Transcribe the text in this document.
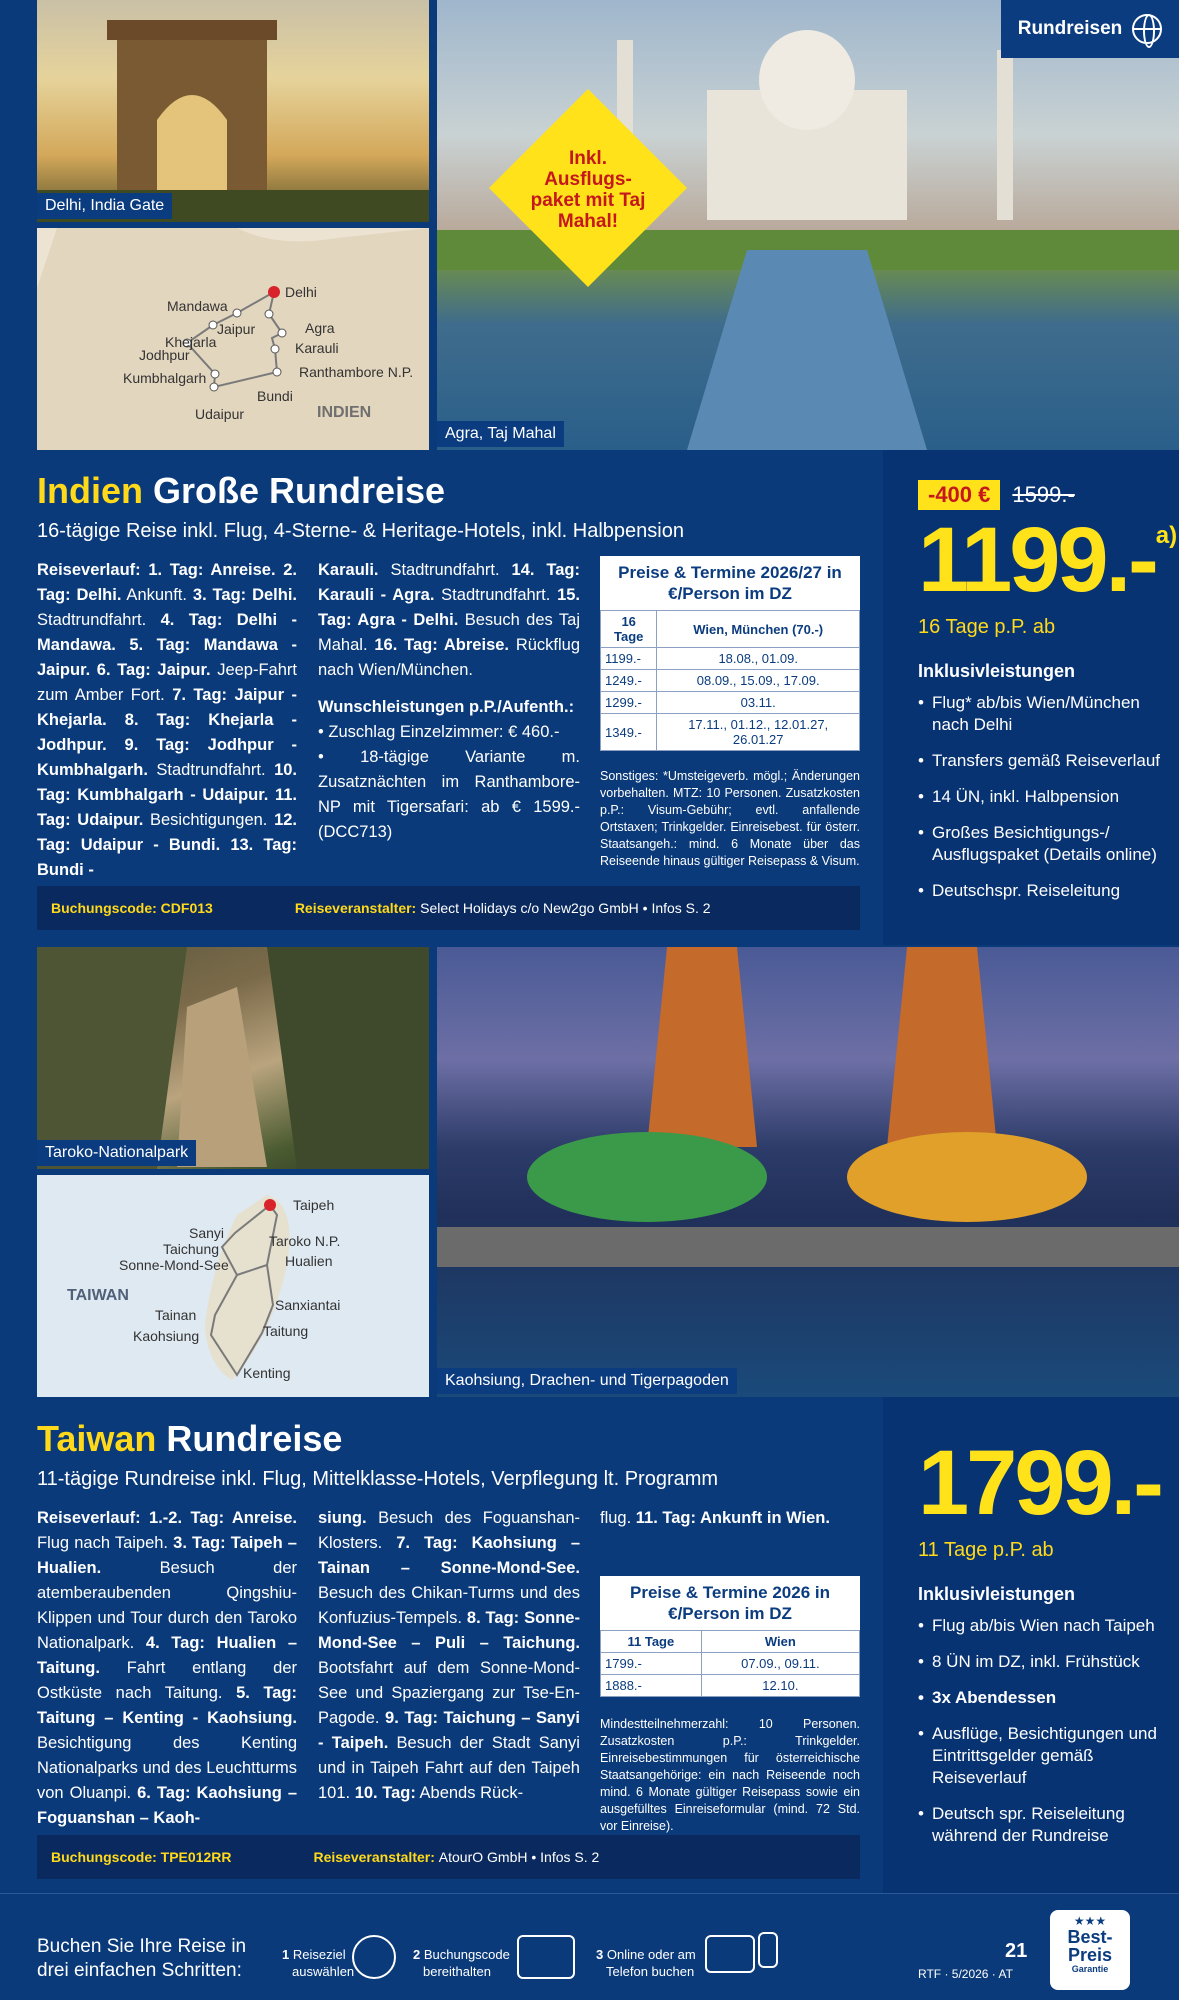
Delhi, India Gate
Delhi
Mandawa
Jaipur	Agra
Khejarla
Jodhpur	Karauli
Ranthambore N.P.
Kumbhalgarh
Bundi
Udaipur	INDIEN
Agra, Taj Mahal
Rundreisen
Inkl.
Ausflugs-
paket mit Taj
Mahal!
-400 € 1599.-
1199.-$^{a)}$
16 Tage p.P. ab
Inklusivleistungen
• Flug* ab/bis Wien/München nach Delhi
• Transfers gemäß Reiseverlauf
• 14 ÜN, inkl. Halbpension
• Großes Besichtigungs-/ Ausflugspaket (Details online)
• Deutschspr. Reiseleitung
Indien Große Rundreise
16-tägige Reise inkl. Flug, 4-Sterne- & Heritage-Hotels, inkl. Halbpension
Reiseverlauf: 1. Tag: Anreise. 2. Tag: Delhi. Ankunft. 3. Tag: Delhi. Stadtrundfahrt. 4. Tag: Delhi - Mandawa. 5. Tag: Mandawa - Jaipur. 6. Tag: Jaipur. Jeep-Fahrt zum Amber Fort. 7. Tag: Jaipur - Khejarla. 8. Tag: Khejarla - Jodhpur. 9. Tag: Jodhpur - Kumbhalgarh. Stadtrundfahrt. 10. Tag: Kumbhalgarh - Udaipur. 11. Tag: Udaipur. Besichtigungen. 12. Tag: Udaipur - Bundi. 13. Tag: Bundi -
Karauli. Stadtrundfahrt. 14. Tag: Karauli - Agra. Stadtrundfahrt. 15. Tag: Agra - Delhi. Besuch des Taj Mahal. 16. Tag: Abreise. Rückflug nach Wien/München.
Wunschleistungen p.P./Aufenth.:
• Zuschlag Einzelzimmer: € 460.-
• 18-tägige Variante m. Zusatznächten im Ranthambore-NP mit Tigersafari: ab € 1599.- (DCC713)
Preise & Termine 2026/27 in €/Person im DZ
16 Tage	Wien, München (70.-)
1199.-	18.08., 01.09.
1249.-	08.09., 15.09., 17.09.
1299.-	03.11.
1349.-	17.11., 01.12., 12.01.27, 26.01.27
Sonstiges: *Umsteigeverb. mögl.; Änderungen vorbehalten. MTZ: 10 Personen. Zusatzkosten p.P.: Visum-Gebühr; evtl. anfallende Ortstaxen; Trinkgelder. Einreisebest. für österr. Staatsangeh.: mind. 6 Monate über das Reiseende hinaus gültiger Reisepass & Visum.
Buchungscode:
CDF013	Reiseveranstalter:
Select Holidays c/o New2go GmbH • Infos S. 2
Taroko-Nationalpark
Taipeh
Sanyi
Taichung	Taroko N.P.
Sonne-Mond-See	Hualien
Sanxiantai
Tainan
Taitung
Kaohsiung
Kenting
TAIWAN
Kaohsiung, Drachen- und Tigerpagoden
1799.-
11 Tage p.P. ab
Inklusivleistungen
• Flug ab/bis Wien nach Taipeh
• 8 ÜN im DZ, inkl. Frühstück
• 3x Abendessen
• Ausflüge, Besichtigungen und Eintrittsgelder gemäß Reiseverlauf
• Deutsch spr. Reiseleitung während der Rundreise
Taiwan Rundreise
11-tägige Rundreise inkl. Flug, Mittelklasse-Hotels, Verpflegung lt. Programm
Reiseverlauf: 1.-2. Tag: Anreise. Flug nach Taipeh. 3. Tag: Taipeh – Hualien. Besuch der atemberaubenden Qingshiu-Klippen und Tour durch den Taroko Nationalpark. 4. Tag: Hualien – Taitung. Fahrt entlang der Ostküste nach Taitung. 5. Tag: Taitung – Kenting - Kaohsiung. Besichtigung des Kenting Nationalparks und des Leuchtturms von Oluanpi. 6. Tag: Kaohsiung – Foguanshan – Kaoh-
siung. Besuch des Foguanshan-Klosters. 7. Tag: Kaohsiung – Tainan – Sonne-Mond-See. Besuch des Chikan-Turms und des Konfuzius-Tempels. 8. Tag: Sonne-Mond-See – Puli – Taichung. Bootsfahrt auf dem Sonne-Mond-See und Spaziergang zur Tse-En-Pagode. 9. Tag: Taichung – Sanyi - Taipeh. Besuch der Stadt Sanyi und in Taipeh Fahrt auf den Taipeh 101. 10. Tag: Abends Rück-
flug. 11. Tag: Ankunft in Wien.
Preise & Termine 2026 in €/Person im DZ
11 Tage	Wien
1799.-	07.09., 09.11.
1888.-	12.10.
Mindestteilnehmerzahl: 10 Personen. Zusatzkosten p.P.: Trinkgelder. Einreisebestimmungen für österreichische Staatsangehörige: ein nach Reiseende noch mind. 6 Monate gültiger Reisepass sowie ein ausgefülltes Einreiseformular (mind. 72 Std. vor Einreise).
Buchungscode:
TPE012RR	Reiseveranstalter:
AtourO GmbH • Infos S. 2
Buchen Sie Ihre Reise in
drei einfachen Schritten:
1 Reiseziel
auswählen
2 Buchungscode
bereithalten
3 Online oder am
Telefon buchen
21
RTF · 5/2026 · AT
★★★
Best-
Preis
Garantie
